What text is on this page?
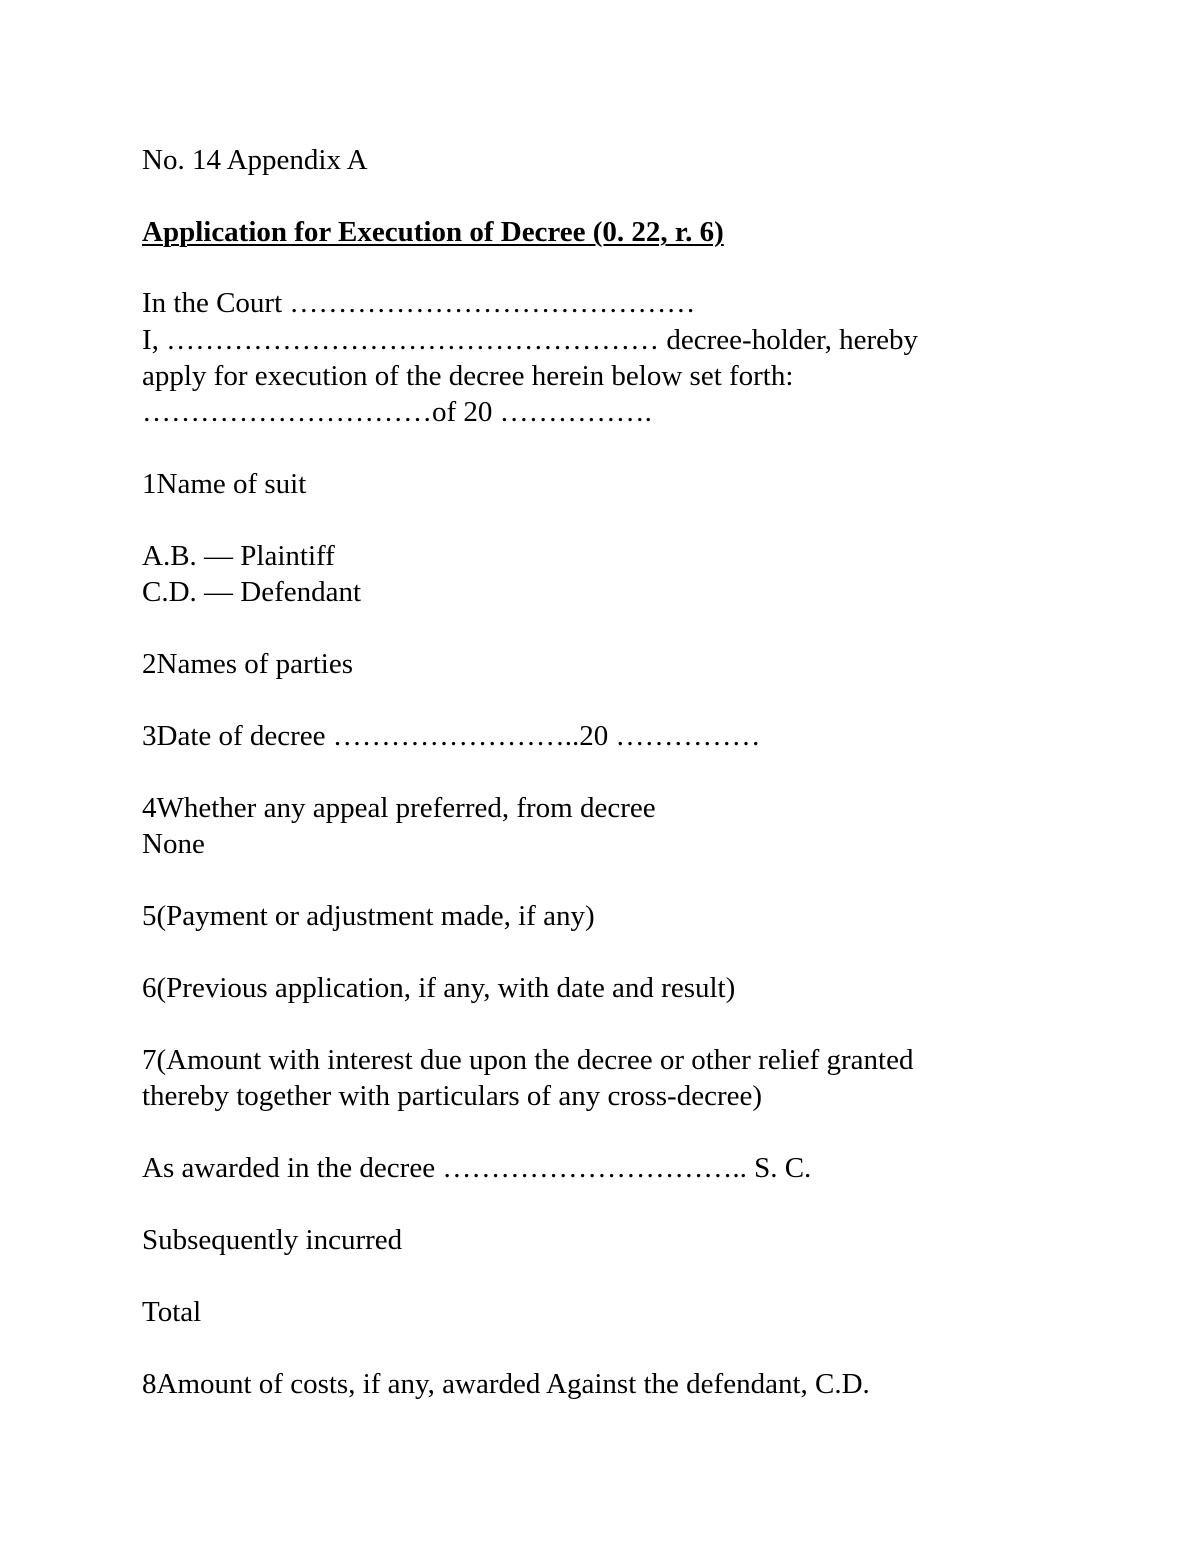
No. 14 Appendix A

Application for Execution of Decree (0. 22, r. 6)

In the Court ……………………………………

I, …………………………………………… decree-holder, hereby

apply for execution of the decree herein below set forth:

…………………………of 20 …………….

1Name of suit

A.B. — Plaintiff

C.D. — Defendant

2Names of parties

3Date of decree ……………………..20 ……………

4Whether any appeal preferred, from decree

None

5(Payment or adjustment made, if any)

6(Previous application, if any, with date and result)

7(Amount with interest due upon the decree or other relief granted

thereby together with particulars of any cross-decree)

As awarded in the decree ………………………….. S. C.

Subsequently incurred

Total

8Amount of costs, if any, awarded Against the defendant, C.D.
